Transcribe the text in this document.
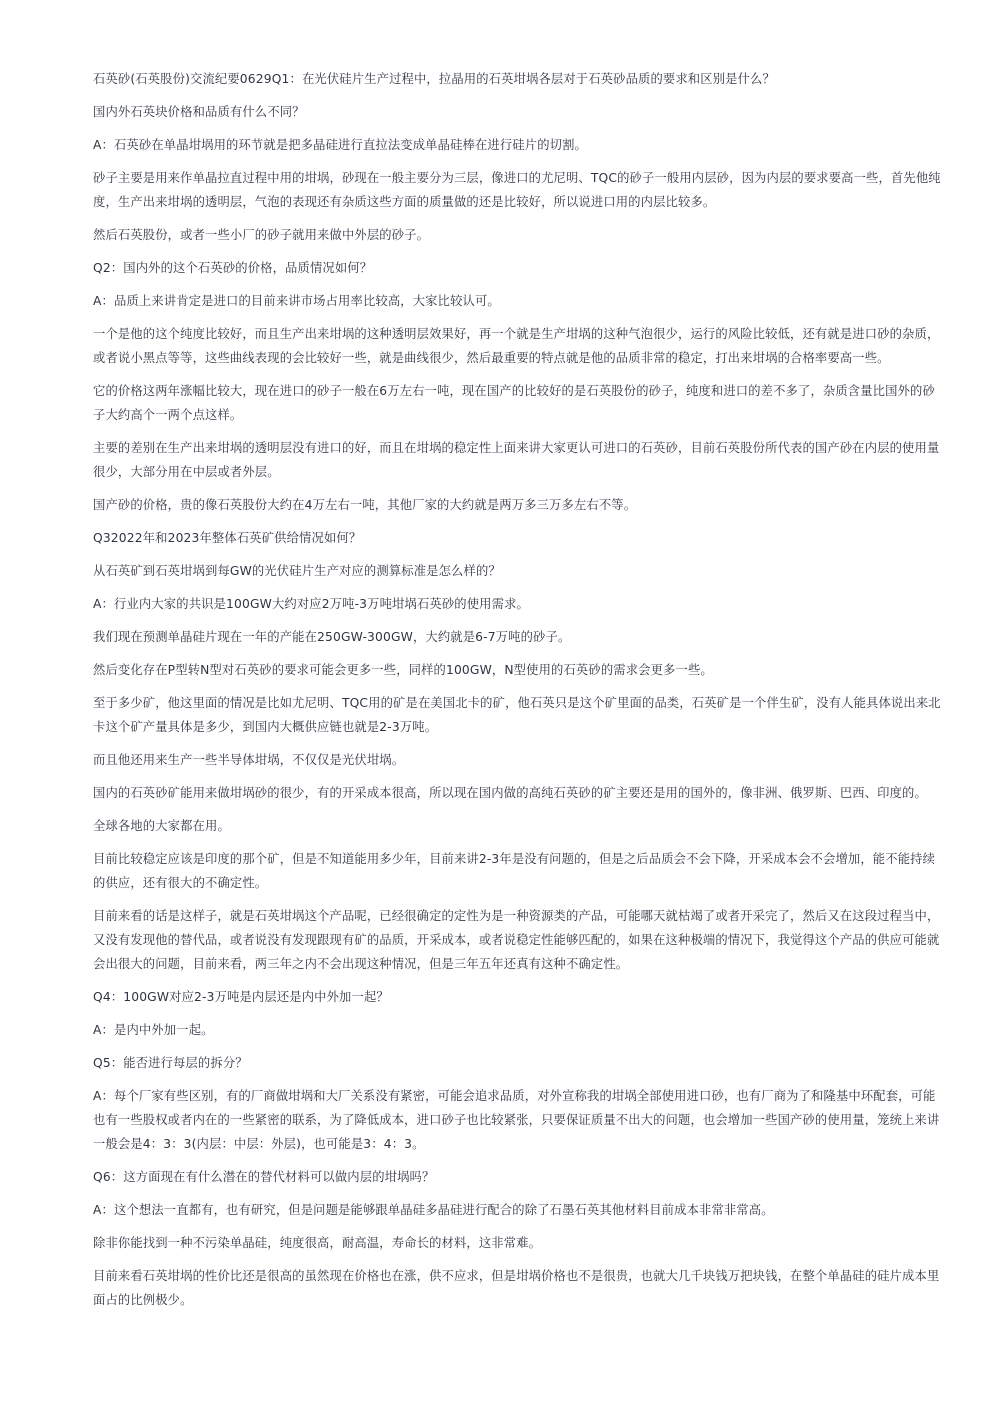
石英砂(石英股份)交流纪要0629Q1：在光伏硅片生产过程中，拉晶用的石英坩埚各层对于石英砂品质的要求和区别是什么？

国内外石英块价格和品质有什么不同？

A：石英砂在单晶坩埚用的环节就是把多晶硅进行直拉法变成单晶硅棒在进行硅片的切割。

砂子主要是用来作单晶拉直过程中用的坩埚，砂现在一般主要分为三层，像进口的尤尼明、TQC的砂子一般用内层砂，因为内层的要求要高一些，首先他纯度，生产出来坩埚的透明层，气泡的表现还有杂质这些方面的质量做的还是比较好，所以说进口用的内层比较多。

然后石英股份，或者一些小厂的砂子就用来做中外层的砂子。

Q2：国内外的这个石英砂的价格，品质情况如何？

A：品质上来讲肯定是进口的目前来讲市场占用率比较高，大家比较认可。

一个是他的这个纯度比较好，而且生产出来坩埚的这种透明层效果好，再一个就是生产坩埚的这种气泡很少，运行的风险比较低，还有就是进口砂的杂质，或者说小黑点等等，这些曲线表现的会比较好一些，就是曲线很少，然后最重要的特点就是他的品质非常的稳定，打出来坩埚的合格率要高一些。

它的价格这两年涨幅比较大，现在进口的砂子一般在6万左右一吨，现在国产的比较好的是石英股份的砂子，纯度和进口的差不多了，杂质含量比国外的砂子大约高个一两个点这样。

主要的差别在生产出来坩埚的透明层没有进口的好，而且在坩埚的稳定性上面来讲大家更认可进口的石英砂，目前石英股份所代表的国产砂在内层的使用量很少，大部分用在中层或者外层。

国产砂的价格，贵的像石英股份大约在4万左右一吨，其他厂家的大约就是两万多三万多左右不等。

Q32022年和2023年整体石英矿供给情况如何？

从石英矿到石英坩埚到每GW的光伏硅片生产对应的测算标准是怎么样的？

A：行业内大家的共识是100GW大约对应2万吨-3万吨坩埚石英砂的使用需求。

我们现在预测单晶硅片现在一年的产能在250GW-300GW，大约就是6-7万吨的砂子。

然后变化存在P型转N型对石英砂的要求可能会更多一些，同样的100GW，N型使用的石英砂的需求会更多一些。

至于多少矿，他这里面的情况是比如尤尼明、TQC用的矿是在美国北卡的矿，他石英只是这个矿里面的品类，石英矿是一个伴生矿，没有人能具体说出来北卡这个矿产量具体是多少，到国内大概供应链也就是2-3万吨。

而且他还用来生产一些半导体坩埚，不仅仅是光伏坩埚。

国内的石英砂矿能用来做坩埚砂的很少，有的开采成本很高，所以现在国内做的高纯石英砂的矿主要还是用的国外的，像非洲、俄罗斯、巴西、印度的。

全球各地的大家都在用。

目前比较稳定应该是印度的那个矿，但是不知道能用多少年，目前来讲2-3年是没有问题的，但是之后品质会不会下降，开采成本会不会增加，能不能持续的供应，还有很大的不确定性。

目前来看的话是这样子，就是石英坩埚这个产品呢，已经很确定的定性为是一种资源类的产品，可能哪天就枯竭了或者开采完了，然后又在这段过程当中，又没有发现他的替代品，或者说没有发现跟现有矿的品质，开采成本，或者说稳定性能够匹配的，如果在这种极端的情况下，我觉得这个产品的供应可能就会出很大的问题，目前来看，两三年之内不会出现这种情况，但是三年五年还真有这种不确定性。

Q4：100GW对应2-3万吨是内层还是内中外加一起？

A：是内中外加一起。

Q5：能否进行每层的拆分？

A：每个厂家有些区别，有的厂商做坩埚和大厂关系没有紧密，可能会追求品质，对外宣称我的坩埚全部使用进口砂，也有厂商为了和隆基中环配套，可能也有一些股权或者内在的一些紧密的联系，为了降低成本，进口砂子也比较紧张，只要保证质量不出大的问题，也会增加一些国产砂的使用量，笼统上来讲一般会是4：3：3(内层：中层：外层)，也可能是3：4：3。

Q6：这方面现在有什么潜在的替代材料可以做内层的坩埚吗？

A：这个想法一直都有，也有研究，但是问题是能够跟单晶硅多晶硅进行配合的除了石墨石英其他材料目前成本非常非常高。

除非你能找到一种不污染单晶硅，纯度很高，耐高温，寿命长的材料，这非常难。

目前来看石英坩埚的性价比还是很高的虽然现在价格也在涨，供不应求，但是坩埚价格也不是很贵，也就大几千块钱万把块钱，在整个单晶硅的硅片成本里面占的比例极少。
